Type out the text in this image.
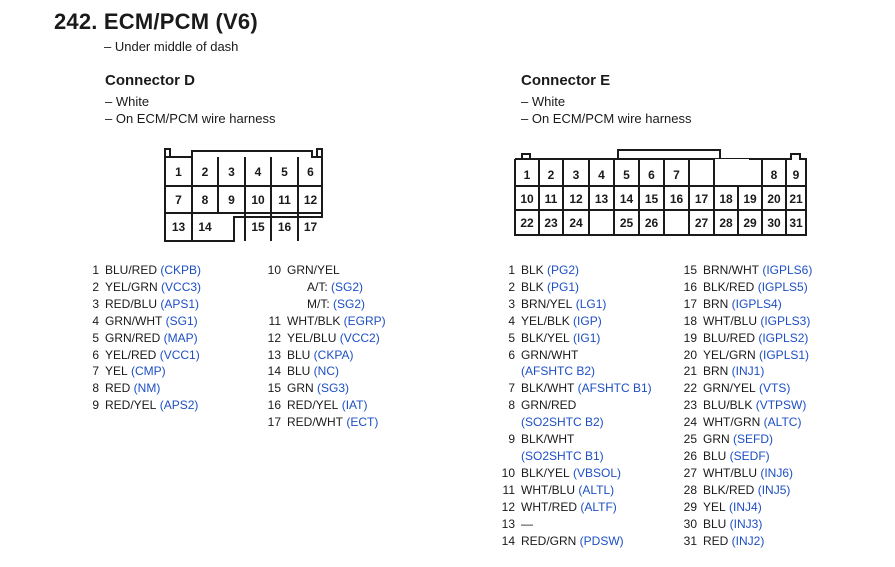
242. ECM/PCM (V6)
– Under middle of dash
Connector D
– White
– On ECM/PCM wire harness
Connector E
– White
– On ECM/PCM wire harness
1 2 3 4 5 6
7 8 9 10 11 12
13 14	15 16 17
1 2 3 4 5 6 7	8 9
10 11 12 13 14 15 16 17 18 19 20 21
22 23 24	25 26	27 28 29 30 31
1 BLU/RED (CKPB)
2 YEL/GRN (VCC3)
3 RED/BLU (APS1)
4 GRN/WHT (SG1)
5 GRN/RED (MAP)
6 YEL/RED (VCC1)
7 YEL (CMP)
8 RED (NM)
9 RED/YEL (APS2)
10 GRN/YEL
A/T: (SG2)
M/T: (SG2)
11 WHT/BLK (EGRP)
12 YEL/BLU (VCC2)
13 BLU (CKPA)
14 BLU (NC)
15 GRN (SG3)
16 RED/YEL (IAT)
17 RED/WHT (ECT)
1 BLK (PG2)
2 BLK (PG1)
3 BRN/YEL (LG1)
4 YEL/BLK (IGP)
5 BLK/YEL (IG1)
6 GRN/WHT
(AFSHTC B2)
7 BLK/WHT (AFSHTC B1)
8 GRN/RED
(SO2SHTC B2)
9 BLK/WHT
(SO2SHTC B1)
10 BLK/YEL (VBSOL)
11 WHT/BLU (ALTL)
12 WHT/RED (ALTF)
13 —
14 RED/GRN (PDSW)
15 BRN/WHT (IGPLS6)
16 BLK/RED (IGPLS5)
17 BRN (IGPLS4)
18 WHT/BLU (IGPLS3)
19 BLU/RED (IGPLS2)
20 YEL/GRN (IGPLS1)
21 BRN (INJ1)
22 GRN/YEL (VTS)
23 BLU/BLK (VTPSW)
24 WHT/GRN (ALTC)
25 GRN (SEFD)
26 BLU (SEDF)
27 WHT/BLU (INJ6)
28 BLK/RED (INJ5)
29 YEL (INJ4)
30 BLU (INJ3)
31 RED (INJ2)
